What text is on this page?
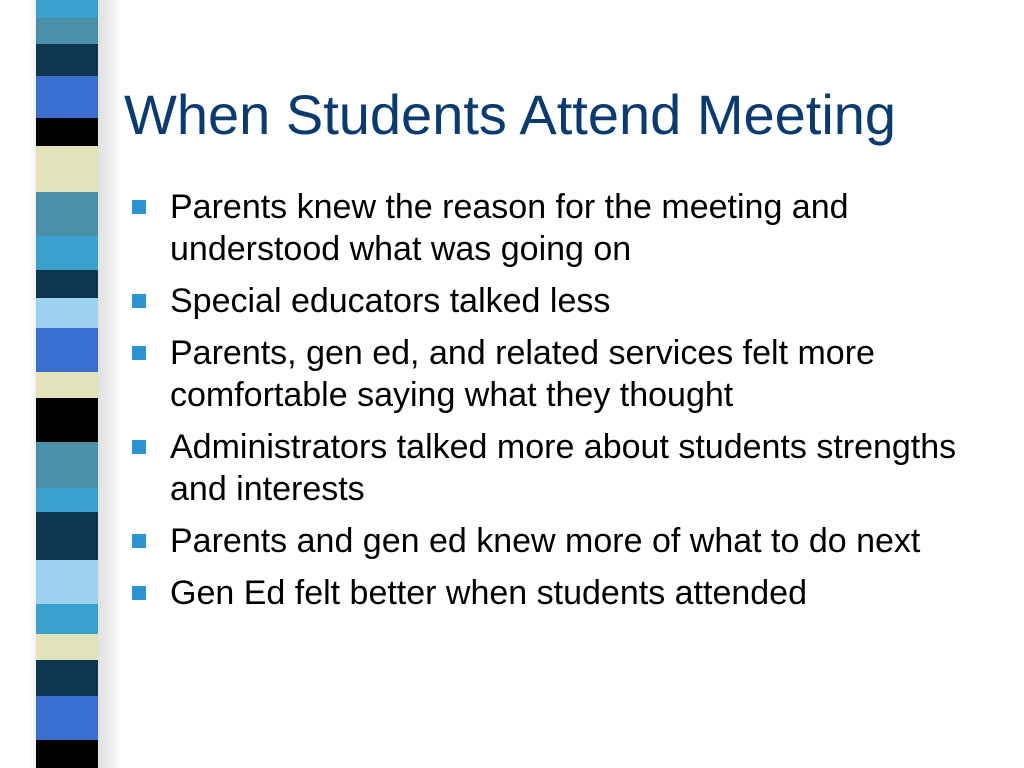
When Students Attend Meeting
Parents knew the reason for the meeting and understood what was going on
Special educators talked less
Parents, gen ed, and related services felt more comfortable saying what they thought
Administrators talked more about students strengths and interests
Parents and gen ed knew more of what to do next
Gen Ed felt better when students attended
